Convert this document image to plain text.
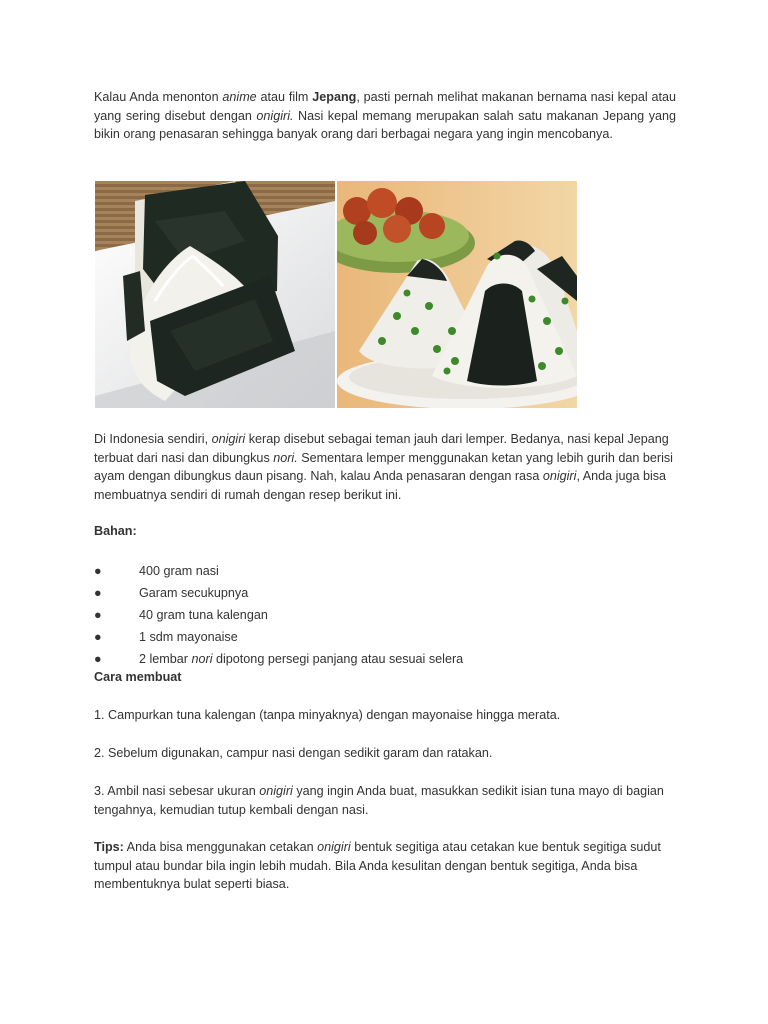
Kalau Anda menonton anime atau film Jepang, pasti pernah melihat makanan bernama nasi kepal atau yang sering disebut dengan onigiri. Nasi kepal memang merupakan salah satu makanan Jepang yang bikin orang penasaran sehingga banyak orang dari berbagai negara yang ingin mencobanya.

Di Indonesia sendiri, onigiri kerap disebut sebagai teman jauh dari lemper. Bedanya, nasi kepal Jepang terbuat dari nasi dan dibungkus nori. Sementara lemper menggunakan ketan yang lebih gurih dan berisi ayam dengan dibungkus daun pisang. Nah, kalau Anda penasaran dengan rasa onigiri, Anda juga bisa membuatnya sendiri di rumah dengan resep berikut ini.

Bahan:

●	400 gram nasi
●	Garam secukupnya
●	40 gram tuna kalengan
●	1 sdm mayonaise
●	2 lembar nori dipotong persegi panjang atau sesuai selera

Cara membuat

1. Campurkan tuna kalengan (tanpa minyaknya) dengan mayonaise hingga merata.

2. Sebelum digunakan, campur nasi dengan sedikit garam dan ratakan.

3. Ambil nasi sebesar ukuran onigiri yang ingin Anda buat, masukkan sedikit isian tuna mayo di bagian tengahnya, kemudian tutup kembali dengan nasi.

Tips: Anda bisa menggunakan cetakan onigiri bentuk segitiga atau cetakan kue bentuk segitiga sudut tumpul atau bundar bila ingin lebih mudah. Bila Anda kesulitan dengan bentuk segitiga, Anda bisa membentuknya bulat seperti biasa.
